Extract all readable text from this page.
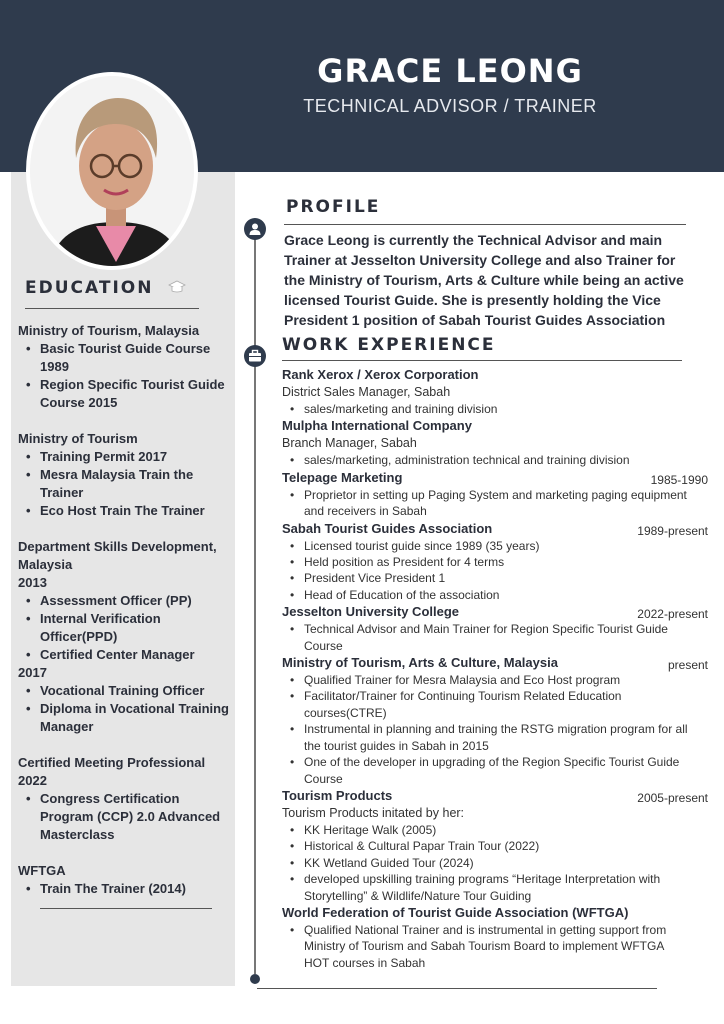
GRACE LEONG
TECHNICAL ADVISOR / TRAINER
EDUCATION
Ministry of Tourism, Malaysia
• Basic Tourist Guide Course 1989
• Region Specific Tourist Guide Course 2015
Ministry of Tourism
• Training Permit 2017
• Mesra Malaysia Train the Trainer
• Eco Host Train The Trainer
Department Skills Development, Malaysia
2013
• Assessment Officer (PP)
• Internal Verification Officer(PPD)
• Certified Center Manager
2017
• Vocational Training Officer
• Diploma in Vocational Training Manager
Certified Meeting Professional
2022
• Congress Certification Program (CCP) 2.0 Advanced Masterclass
WFTGA
• Train The Trainer (2014)
PROFILE
Grace Leong is currently the Technical Advisor and main Trainer at Jesselton University College and also Trainer for the Ministry of Tourism, Arts & Culture while being an active licensed Tourist Guide. She is presently holding the Vice President 1 position of Sabah Tourist Guides Association
WORK EXPERIENCE
Rank Xerox / Xerox Corporation
District Sales Manager, Sabah
• sales/marketing and training division
Mulpha International Company
Branch Manager, Sabah
• sales/marketing, administration technical and training division
Telepage Marketing	1985-1990
• Proprietor in setting up Paging System and marketing paging equipment and receivers in Sabah
Sabah Tourist Guides Association	1989-present
• Licensed tourist guide since 1989 (35 years)
• Held position as President for 4 terms
• President Vice President 1
• Head of Education of the association
Jesselton University College	2022-present
• Technical Advisor and Main Trainer for Region Specific Tourist Guide Course
Ministry of Tourism, Arts & Culture, Malaysia	present
• Qualified Trainer for Mesra Malaysia and Eco Host program
• Facilitator/Trainer for Continuing Tourism Related Education courses(CTRE)
• Instrumental in planning and training the RSTG migration program for all the tourist guides in Sabah in 2015
• One of the developer in upgrading of the Region Specific Tourist Guide Course
Tourism Products	2005-present
Tourism Products initated by her:
• KK Heritage Walk (2005)
• Historical & Cultural Papar Train Tour (2022)
• KK Wetland Guided Tour (2024)
• developed upskilling training programs “Heritage Interpretation with Storytelling” & Wildlife/Nature Tour Guiding
World Federation of Tourist Guide Association (WFTGA)
• Qualified National Trainer and is instrumental in getting support from Ministry of Tourism and Sabah Tourism Board to implement WFTGA HOT courses in Sabah
